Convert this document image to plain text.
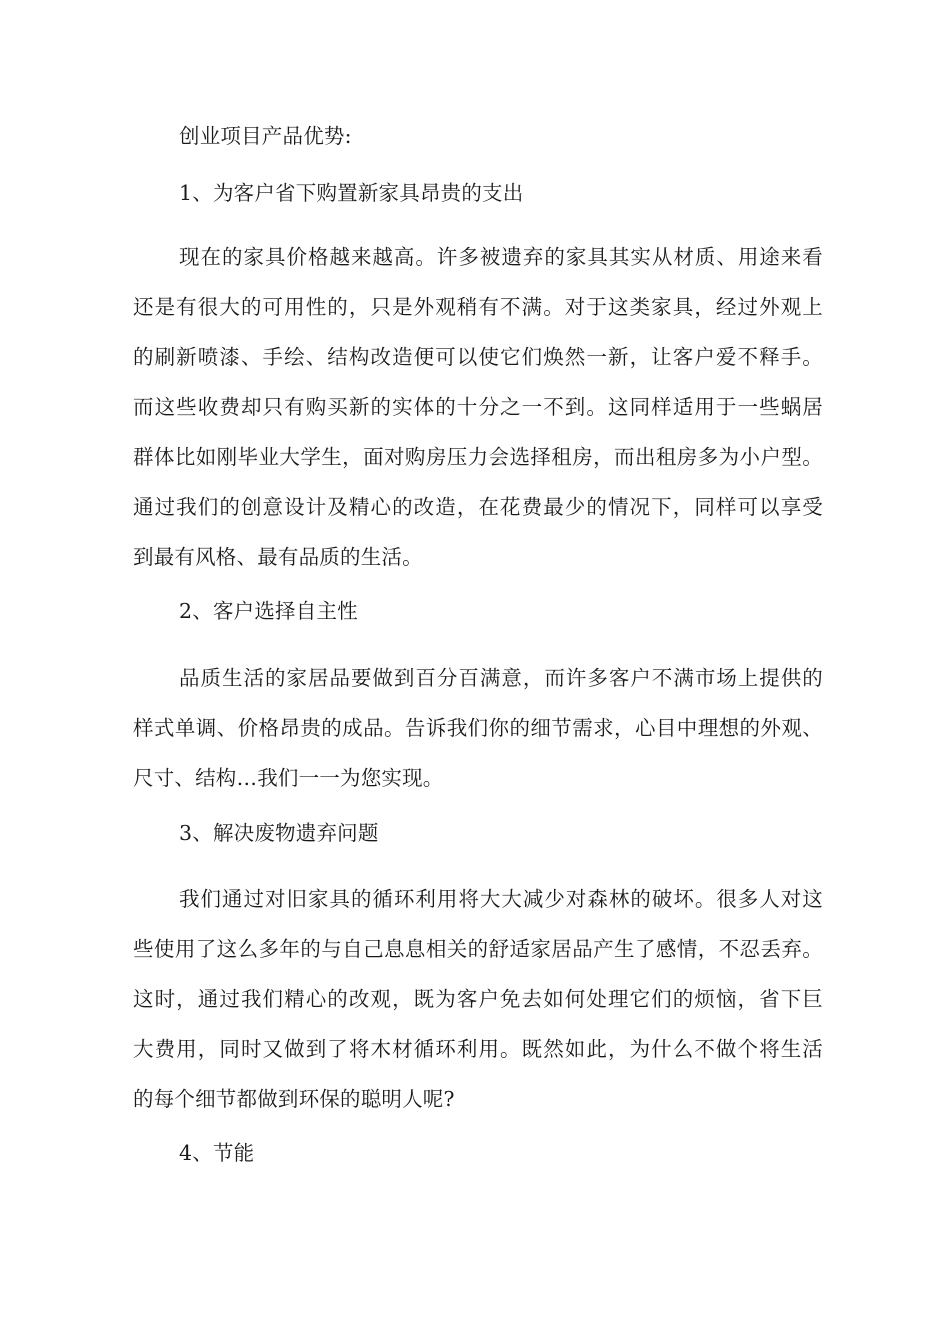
创业项目产品优势:
1、为客户省下购置新家具昂贵的支出
现在的家具价格越来越高。许多被遗弃的家具其实从材质、用途来看
还是有很大的可用性的，只是外观稍有不满。对于这类家具，经过外观上
的刷新喷漆、手绘、结构改造便可以使它们焕然一新，让客户爱不释手。
而这些收费却只有购买新的实体的十分之一不到。这同样适用于一些蜗居
群体比如刚毕业大学生，面对购房压力会选择租房，而出租房多为小户型。
通过我们的创意设计及精心的改造，在花费最少的情况下，同样可以享受
到最有风格、最有品质的生活。
2、客户选择自主性
品质生活的家居品要做到百分百满意，而许多客户不满市场上提供的
样式单调、价格昂贵的成品。告诉我们你的细节需求，心目中理想的外观、
尺寸、结构…我们一一为您实现。
3、解决废物遗弃问题
我们通过对旧家具的循环利用将大大减少对森林的破坏。很多人对这
些使用了这么多年的与自己息息相关的舒适家居品产生了感情，不忍丢弃。
这时，通过我们精心的改观，既为客户免去如何处理它们的烦恼，省下巨
大费用，同时又做到了将木材循环利用。既然如此，为什么不做个将生活
的每个细节都做到环保的聪明人呢?
4、节能
